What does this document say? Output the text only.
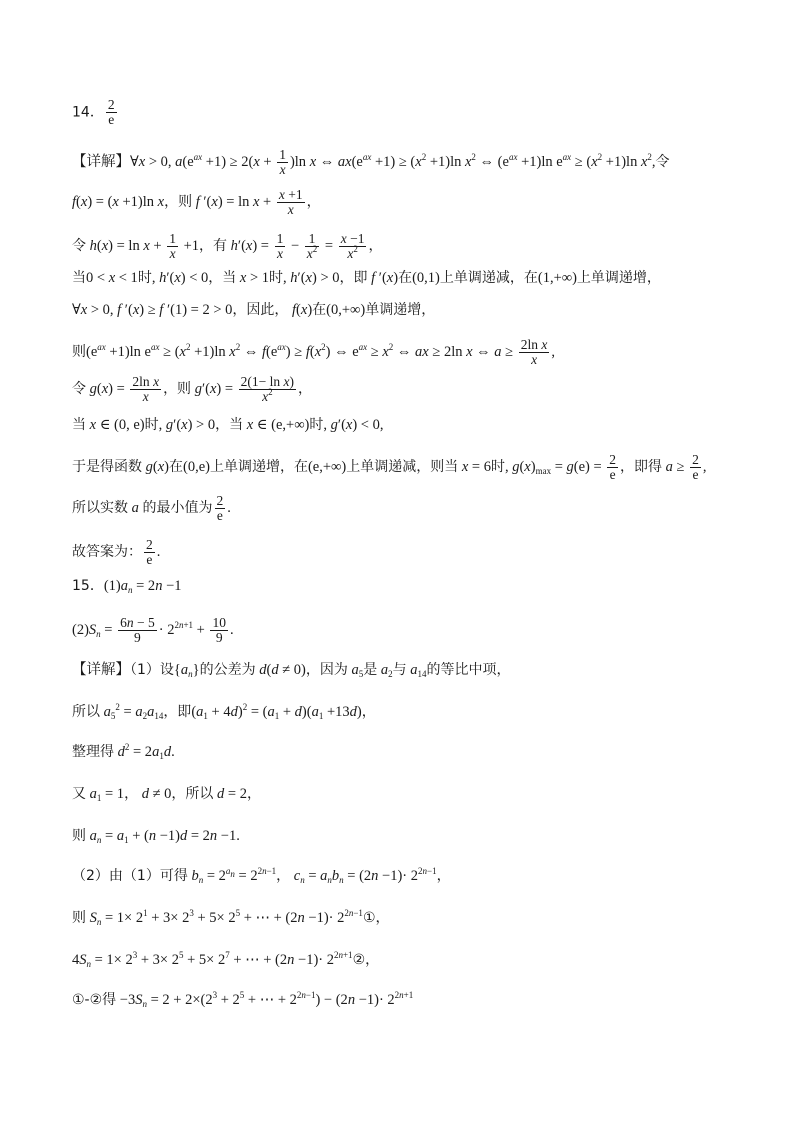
14． $\frac{2}{e}$
【详解】∀x > 0, $a(e^{ax} +1) \ge 2(x + \frac{1}{x} )\ln$ x ⇔ $ax(e^{ax} +1) \ge (x^2 +1)\ln$ $x^2$ ⇔ $(e^{ax} +1)\ln$ $e^{ax} \ge (x^2 +1)\ln$ $x^2$,令
f(x) = (x +1)ln x，则 f $'(x) = \ln x + \frac{x +1}{x}$ ，
令 $h(x) = \ln x + \frac{1}{x} +1$，有 $h'(x) = \frac{1}{x} - \frac{1}{x^2} = \frac{x -1}{x^2}$ ，
当0 < x < 1时, h′(x) < 0，当 x > 1时, h′(x) > 0，即 f ′(x)在(0,1)上单调递减，在(1,+∞)上单调递增，
∀x > 0, f ′(x) ≥ f ′(1) = 2 > 0，因此， f(x)在(0,+∞)单调递增，
则$(e^{ax} +1)\ln$ $e^{ax} \ge (x^2 +1)\ln$ $x^2$ ⇔ $f(e^{ax}) \ge f(x^2)$ ⇔ $e^{ax} \ge x^2$ ⇔ ax ≥ 2ln x ⇔ $a \ge \frac{\text{2ln x}}{x}$ ,
令 $g(x) = \frac{\text{2ln x}}{x}$ ，则 $g'(x) = \frac{\text{2(1− ln x)}}{x^2}$ ，
当 x ∈ (0, e)时, g′(x) > 0，当 x ∈ (e,+∞)时, g′(x) < 0,
于是得函数 g(x)在(0,e)上单调递增，在(e,+∞)上单调递减，则当 x = 6时, $g(x)_{max} = g(e) = \frac{2}{e}$ ，即得 $a \ge \frac{2}{e}$ ,
所以实数 a 的最小值为 $\frac{2}{e}$ .
故答案为： $\frac{2}{e}$ .
15．$(1)a_n = 2n -1$
$(2)S_n = \frac{6n - 5}{9} \cdot 2^{2n+1} + \frac{10}{9}$ .
【详解】（1）设$\{a_n\}$的公差为 d(d ≠ 0)，因为 $a_5$是 $a_2$与 $a_{14}$的等比中项，
所以 $a_5^2 = a_2a_{14}$，即$(a_1 + 4d)^2 = (a_1 + d)(a_1 +13d)$，
整理得 $d^2 = 2a_1d$.
又 $a_1 = 1$， d ≠ 0，所以 d = 2，
则 $a_n = a_1 + (n -1)d = 2n -1$.
（2）由（1）可得 $b_n = 2^{a_n} = 2^{2n-1}$， $c_n = a_nb_n = (2n -1)\cdot 2^{2n-1}$，
则 $S_n = 1\times 2^1 + 3\times 2^3 + 5\times 2^5$ + ⋯ + $(2n -1)\cdot 2^{2n-1}①$，
$4S_n = 1\times 2^3 + 3\times 2^5 + 5\times 2^7$ + ⋯ + $(2n -1)\cdot 2^{2n+1}②$，
①-②得 $-3S_n = 2 + 2\times(2^3 + 2^5$ + ⋯ + $2^{2n-1}) - (2n -1)\cdot 2^{2n+1}$
